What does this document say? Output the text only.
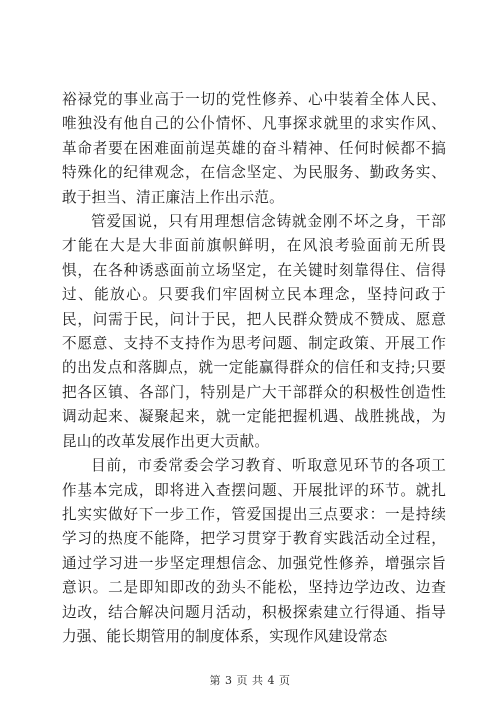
裕禄党的事业高于一切的党性修养、心中装着全体人民、唯独没有他自己的公仆情怀、凡事探求就里的求实作风、革命者要在困难面前逞英雄的奋斗精神、任何时候都不搞特殊化的纪律观念，在信念坚定、为民服务、勤政务实、敢于担当、清正廉洁上作出示范。

管爱国说，只有用理想信念铸就金刚不坏之身，干部才能在大是大非面前旗帜鲜明，在风浪考验面前无所畏惧，在各种诱惑面前立场坚定，在关键时刻靠得住、信得过、能放心。只要我们牢固树立民本理念，坚持问政于民，问需于民，问计于民，把人民群众赞成不赞成、愿意不愿意、支持不支持作为思考问题、制定政策、开展工作的出发点和落脚点，就一定能赢得群众的信任和支持;只要把各区镇、各部门，特别是广大干部群众的积极性创造性调动起来、凝聚起来，就一定能把握机遇、战胜挑战，为昆山的改革发展作出更大贡献。

目前，市委常委会学习教育、听取意见环节的各项工作基本完成，即将进入查摆问题、开展批评的环节。就扎扎实实做好下一步工作，管爱国提出三点要求：一是持续学习的热度不能降，把学习贯穿于教育实践活动全过程，通过学习进一步坚定理想信念、加强党性修养，增强宗旨意识。二是即知即改的劲头不能松，坚持边学边改、边查边改，结合解决问题月活动，积极探索建立行得通、指导力强、能长期管用的制度体系，实现作风建设常态

第 3 页 共 4 页
